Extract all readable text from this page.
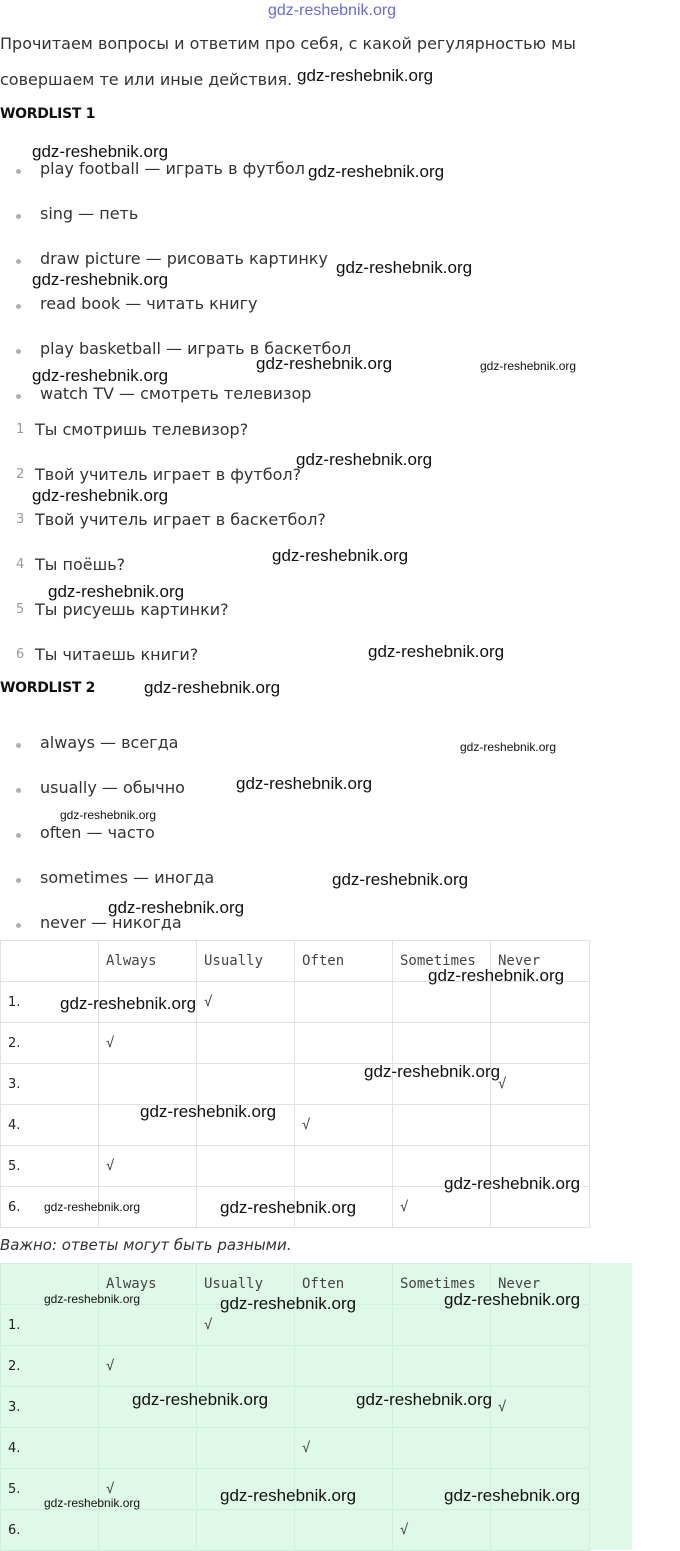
gdz-reshebnik.org
gdz-reshebnik.org
gdz-reshebnik.org
gdz-reshebnik.org
gdz-reshebnik.org
gdz-reshebnik.org
gdz-reshebnik.org	gdz-reshebnik.org
gdz-reshebnik.org
gdz-reshebnik.org
gdz-reshebnik.org
gdz-reshebnik.org
gdz-reshebnik.org
gdz-reshebnik.org
gdz-reshebnik.org
gdz-reshebnik.org
gdz-reshebnik.org
gdz-reshebnik.org
gdz-reshebnik.org
gdz-reshebnik.org
gdz-reshebnik.org
gdz-reshebnik.org
gdz-reshebnik.org
gdz-reshebnik.org
gdz-reshebnik.org
gdz-reshebnik.org	gdz-reshebnik.org
gdz-reshebnik.org	gdz-reshebnik.org	gdz-reshebnik.org
gdz-reshebnik.org	gdz-reshebnik.org
gdz-reshebnik.org	gdz-reshebnik.org	gdz-reshebnik.org
Прочитаем вопросы и ответим про себя, с какой регулярностью мы
совершаем те или иные действия.
WORDLIST 1
play football — играть в футбол
sing — петь
draw picture — рисовать картинку
read book — читать книгу
play basketball — играть в баскетбол
watch TV — смотреть телевизор
1 Ты смотришь телевизор?
2 Твой учитель играет в футбол?
3 Твой учитель играет в баскетбол?
4 Ты поёшь?
5 Ты рисуешь картинки?
6 Ты читаешь книги?
WORDLIST 2
always — всегда
usually — обычно
often — часто
sometimes — иногда
never — никогда
	Always	Usually	Often	Sometimes	Never
1.		√			
2.	√				
3.					√
4.			√		
5.	√				
6.				√	
Важно: ответы могут быть разными.
	Always	Usually	Often	Sometimes	Never
1.		√			
2.	√				
3.					√
4.			√		
5.	√				
6.				√	
